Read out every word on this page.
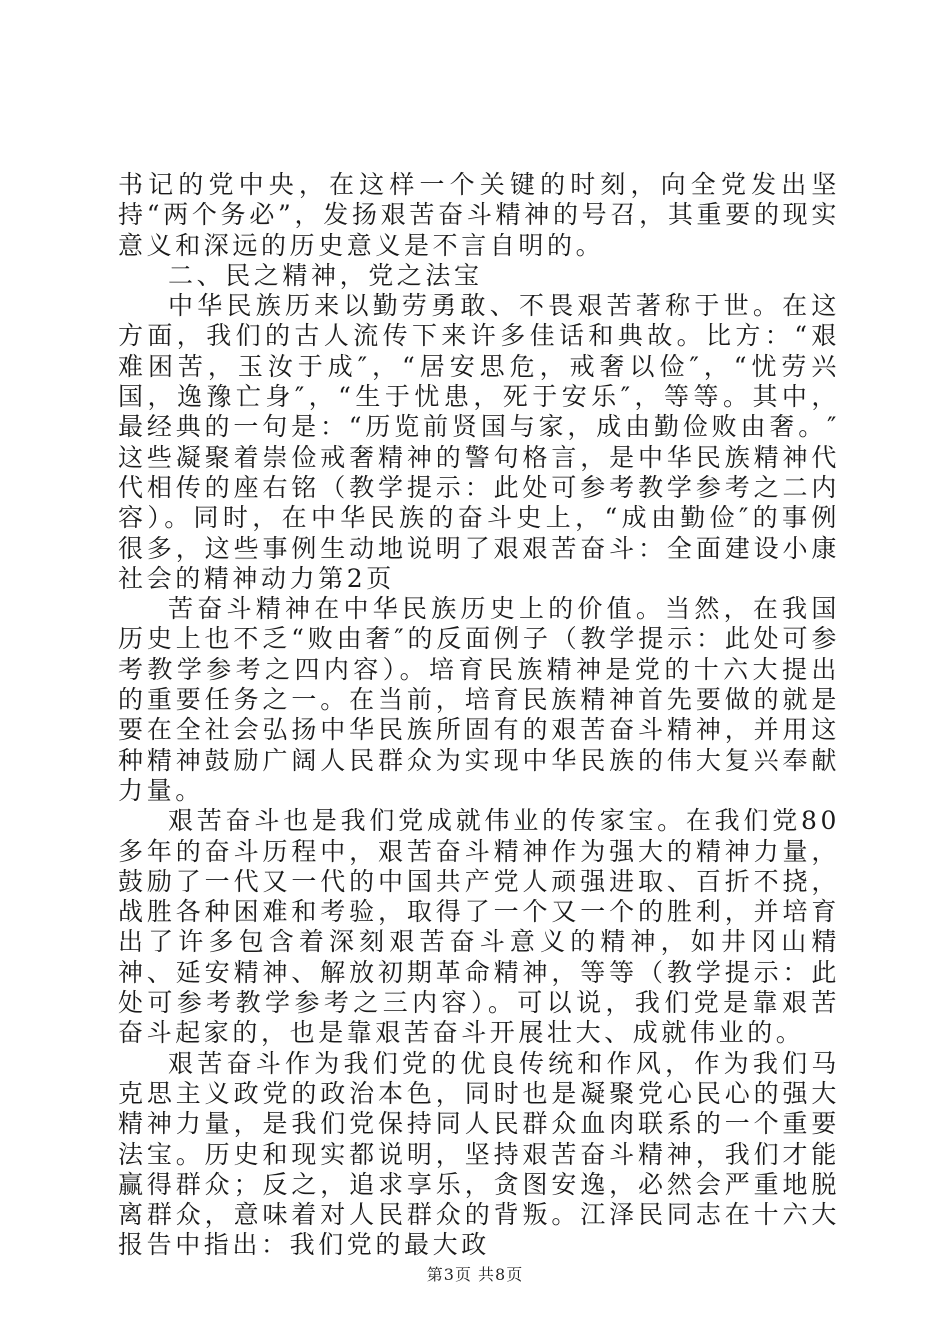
书记的党中央，在这样一个关键的时刻，向全党发出坚持“两个务必”，发扬艰苦奋斗精神的号召，其重要的现实意义和深远的历史意义是不言自明的。

二、民之精神，党之法宝

中华民族历来以勤劳勇敢、不畏艰苦著称于世。在这方面，我们的古人流传下来许多佳话和典故。比方：“艰难困苦，玉汝于成″，“居安思危，戒奢以俭″，“忧劳兴国，逸豫亡身″，“生于忧患，死于安乐″，等等。其中，最经典的一句是：“历览前贤国与家，成由勤俭败由奢。″这些凝聚着崇俭戒奢精神的警句格言，是中华民族精神代代相传的座右铭（教学提示：此处可参考教学参考之二内容）。同时，在中华民族的奋斗史上，“成由勤俭″的事例很多，这些事例生动地说明了艰艰苦奋斗：全面建设小康社会的精神动力第2页

苦奋斗精神在中华民族历史上的价值。当然，在我国历史上也不乏“败由奢″的反面例子（教学提示：此处可参考教学参考之四内容）。培育民族精神是党的十六大提出的重要任务之一。在当前，培育民族精神首先要做的就是要在全社会弘扬中华民族所固有的艰苦奋斗精神，并用这种精神鼓励广阔人民群众为实现中华民族的伟大复兴奉献力量。

艰苦奋斗也是我们党成就伟业的传家宝。在我们党80多年的奋斗历程中，艰苦奋斗精神作为强大的精神力量，鼓励了一代又一代的中国共产党人顽强进取、百折不挠，战胜各种困难和考验，取得了一个又一个的胜利，并培育出了许多包含着深刻艰苦奋斗意义的精神，如井冈山精神、延安精神、解放初期革命精神，等等（教学提示：此处可参考教学参考之三内容）。可以说，我们党是靠艰苦奋斗起家的，也是靠艰苦奋斗开展壮大、成就伟业的。

艰苦奋斗作为我们党的优良传统和作风，作为我们马克思主义政党的政治本色，同时也是凝聚党心民心的强大精神力量，是我们党保持同人民群众血肉联系的一个重要法宝。历史和现实都说明，坚持艰苦奋斗精神，我们才能赢得群众；反之，追求享乐，贪图安逸，必然会严重地脱离群众，意味着对人民群众的背叛。江泽民同志在十六大报告中指出：我们党的最大政

第3页 共8页
